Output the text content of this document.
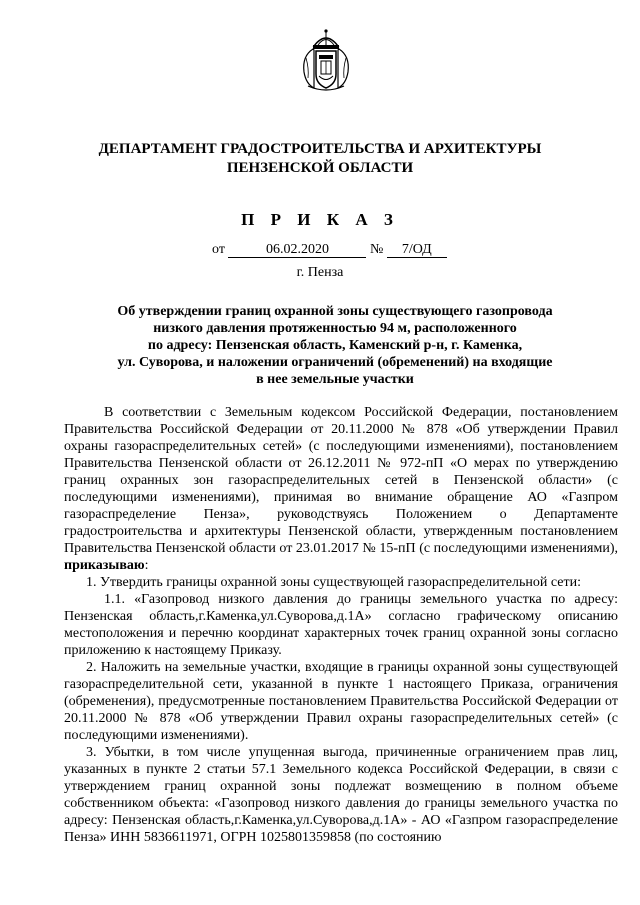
ДЕПАРТАМЕНТ ГРАДОСТРОИТЕЛЬСТВА И АРХИТЕКТУРЫ
ПЕНЗЕНСКОЙ ОБЛАСТИ
П Р И К А З
от	06.02.2020	№ 7/ОД
г. Пенза
Об утверждении границ охранной зоны существующего газопровода
низкого давления протяженностью 94 м, расположенного
по адресу: Пензенская область, Каменский р-н, г. Каменка,
ул. Суворова, и наложении ограничений (обременений) на входящие
в нее земельные участки

В соответствии с Земельным кодексом Российской Федерации, постановлением Правительства Российской Федерации от 20.11.2000 № 878 «Об утверждении Правил охраны газораспределительных сетей» (с последующими изменениями), постановлением Правительства Пензенской области от 26.12.2011 № 972-пП «О мерах по утверждению границ охранных зон газораспределительных сетей в Пензенской области» (с последующими изменениями), принимая во внимание обращение АО «Газпром газораспределение Пенза», руководствуясь Положением о Департаменте градостроительства и архитектуры Пензенской области, утвержденным постановлением Правительства Пензенской области от 23.01.2017 № 15-пП (с последующими изменениями), приказываю:

1. Утвердить границы охранной зоны существующей газораспределительной сети:

1.1. «Газопровод низкого давления до границы земельного участка по адресу: Пензенская область,г.Каменка,ул.Суворова,д.1А» согласно графическому описанию местоположения и перечню координат характерных точек границ охранной зоны согласно приложению к настоящему Приказу.

2. Наложить на земельные участки, входящие в границы охранной зоны существующей газораспределительной сети, указанной в пункте 1 настоящего Приказа, ограничения (обременения), предусмотренные постановлением Правительства Российской Федерации от 20.11.2000 № 878 «Об утверждении Правил охраны газораспределительных сетей» (с последующими изменениями).

3. Убытки, в том числе упущенная выгода, причиненные ограничением прав лиц, указанных в пункте 2 статьи 57.1 Земельного кодекса Российской Федерации, в связи с утверждением границ охранной зоны подлежат возмещению в полном объеме собственником объекта: «Газопровод низкого давления до границы земельного участка по адресу: Пензенская область,г.Каменка,ул.Суворова,д.1А» - АО «Газпром газораспределение Пенза» ИНН 5836611971, ОГРН 1025801359858 (по состоянию
